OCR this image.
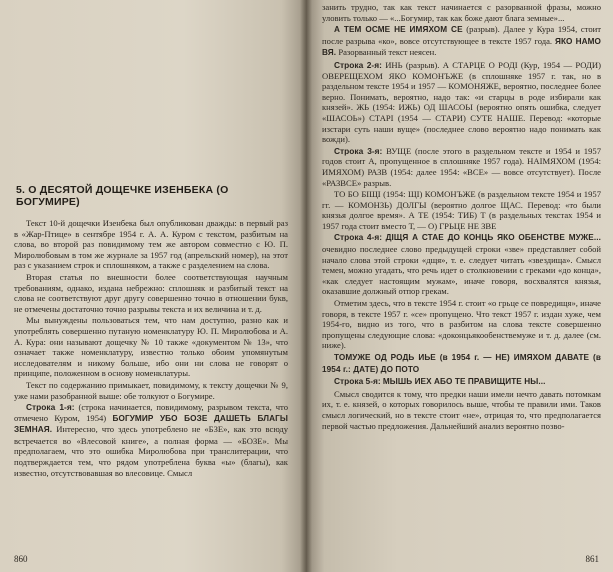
5. О ДЕСЯТОЙ ДОЩЕЧКЕ ИЗЕНБЕКА (О БОГУМИРЕ)

Текст 10-й дощечки Изенбека был опубликован дважды: в первый раз в «Жар-Птице» в сентябре 1954 г. А. А. Куром с текстом, разбитым на слова, во второй раз повидимому тем же автором совместно с Ю. П. Миролюбовым в том же журнале за 1957 год (апрельский номер), на этот раз с указанием строк и сплошняком, а также с разделением на слова.

Вторая статья по внешности более соответствующая научным требованиям, однако, издана небрежно: сплошняк и разбитый текст на слова не соответствуют друг другу совершенно точно в отношении букв, не отмечены достаточно точно разрывы текста и их величина и т. д.

Мы вынуждены пользоваться тем, что нам доступно, разно как и употреблять совершенно путаную номенклатуру Ю. П. Миролюбова и А. А. Кура: они называют дощечку № 10 также «документом № 13», что означает также номенклатуру, известно только обоим упомянутым исследователям и никому больше, ибо они ни слова не говорят о принципе, положенном в основу номенклатуры.

Текст по содержанию примыкает, повидимому, к тексту дощечки № 9, уже нами разобранной выше: обе толкуют о Богумире.

Строка 1-я: (строка начинается, повидимому, разрывом текста, что отмечено Куром, 1954) БОГУМИР УБО БОЗЕ ДАШЕТЬ БЛАГЫ ЗЕМНАЯ. Интересно, что здесь употреблено не «БЗЕ», как это всюду встречается во «Влесовой книге», а полная форма — «БОЗЕ». Мы предполагаем, что это ошибка Миролюбова при транслитерации, что подтверждается тем, что рядом употреблена буква «ы» (благы), как известно, отсутствовавшая во влесовице. Смысл

860

занить трудно, так как текст начинается с разорванной фразы, можно уловить только — «...Богумир, так как боже дают блага земные»...

А ТЕМ ОСМЕ НЕ ИМЯХОМ СЕ (разрыв). Далее у Кура 1954, стоит после разрыва «ко», вовсе отсутствующее в тексте 1957 года. ЯКО НАМО ВЯ. Разорванный текст неясен.

Строка 2-я: ИНЬ (разрыв). А СТАРЦЕ О РОДІ (Кур, 1954 — РОДИ) ОВЕРЕЩЕХОМ ЯКО КОМОНЪЖЕ (в сплошняке 1957 г. так, но в раздельном тексте 1954 и 1957 — КОМОНЯЖЕ, вероятно, последнее более верно. Понимать, вероятно, надо так: «и старцы в роде избирали как князей». ЖЬ (1954: ИЖЬ) ОД ШАСОЬІ (вероятно опять ошибка, следует «ШАСОЬ») СТАРІ (1954 — СТАРИ) СУТЕ НАШЕ. Перевод: «которые изстари суть наши вуще» (последнее слово вероятно надо понимать как вожди).

Строка 3-я: ВУЩЕ (после этого в раздельном тексте и 1954 и 1957 годов стоит А, пропущенное в сплошняке 1957 года). НАІМЯХОМ (1954: ИМЯХОМ) РАЗВ (1954: далее 1954: «ВСЕ» — вовсе отсутствует). После «РАЗВСЕ» разрыв.

ТО БО БІЩІ (1954: ЩІ) КОМОНЪЖЕ (в раздельном тексте 1954 и 1957 гг. — КОМОНЗЬ) ДОЛГЫ (вероятно долгое ЩАС. Перевод: «то были князья долгое время». А ТЕ (1954: ТИБ) Т (в раздельных текстах 1954 и 1957 года стоит вместо Т, — О) ГРЬЦЕ НЕ ЗВЕ

Строка 4-я: ДІЩЯ А СТАЕ ДО КОНЦЬ ЯКО ОБЕНСТВЕ МУЖЕ... очевидно последнее слово предыдущей строки «зве» представляет собой начало слова этой строки «дщя», т. е. следует читать «звездища». Смысл темен, можно угадать, что речь идет о столкновении с греками «до конца», «как следует настоящим мужам», иначе говоря, восхвалятся князья, оказавшие должный отпор грекам.

Отметим здесь, что в тексте 1954 г. стоит «о грьце се повредищя», иначе говоря, в тексте 1957 г. «се» пропущено. Что текст 1957 г. издан хуже, чем 1954-го, видно из того, что в разбитом на слова тексте совершенно пропущены следующие слова: «доконцьякообенствемуже и т. д. далее (см. ниже).

ТОМУЖЕ ОД РОДЬ ИЬЕ (в 1954 г. — НЕ) ИМЯХОМ ДАВАТЕ (в 1954 г.: ДАТЕ) ДО ПОТО

Строка 5-я: МЫШЬ ИЕХ АБО ТЕ ПРАВИЩИТЕ НЫ...

Смысл сводится к тому, что предки наши имели нечто давать потомкам их, т. е. князей, о которых говорилось выше, чтобы те правили ими. Таков смысл логический, но в тексте стоит «не», отрицая то, что предполагается первой частью предложения. Дальнейший анализ вероятно позво-

861
